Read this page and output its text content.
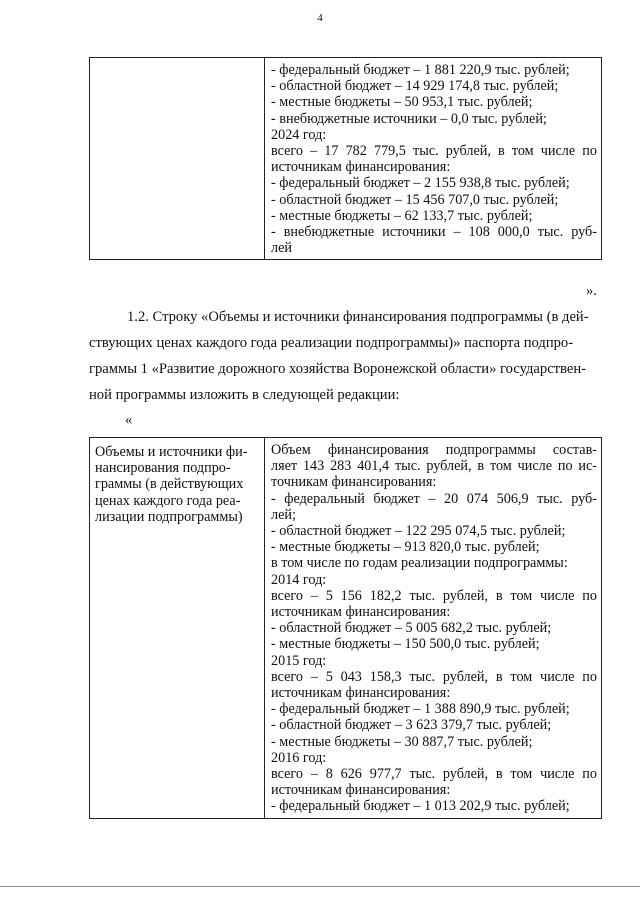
4

- федеральный бюджет – 1 881 220,9 тыс. рублей;
- областной бюджет – 14 929 174,8 тыс. рублей;
- местные бюджеты – 50 953,1 тыс. рублей;
- внебюджетные источники – 0,0 тыс. рублей;
2024 год:
всего – 17 782 779,5 тыс. рублей, в том числе по
источникам финансирования:
- федеральный бюджет – 2 155 938,8 тыс. рублей;
- областной бюджет – 15 456 707,0 тыс. рублей;
- местные бюджеты – 62 133,7 тыс. рублей;
- внебюджетные источники – 108 000,0 тыс. руб-
лей
».
1.2. Строку «Объемы и источники финансирования подпрограммы (в дей-
ствующих ценах каждого года реализации подпрограммы)» паспорта подпро-
граммы 1 «Развитие дорожного хозяйства Воронежской области» государствен-
ной программы изложить в следующей редакции:
«
Объемы и источники фи-
нансирования подпро-
граммы (в действующих
ценах каждого года реа-
лизации подпрограммы)

Объем финансирования подпрограммы состав-
ляет 143 283 401,4 тыс. рублей, в том числе по ис-
точникам финансирования:
- федеральный бюджет – 20 074 506,9 тыс. руб-
лей;
- областной бюджет – 122 295 074,5 тыс. рублей;
- местные бюджеты – 913 820,0 тыс. рублей;
в том числе по годам реализации подпрограммы:
2014 год:
всего – 5 156 182,2 тыс. рублей, в том числе по
источникам финансирования:
- областной бюджет – 5 005 682,2 тыс. рублей;
- местные бюджеты – 150 500,0 тыс. рублей;
2015 год:
всего – 5 043 158,3 тыс. рублей, в том числе по
источникам финансирования:
- федеральный бюджет – 1 388 890,9 тыс. рублей;
- областной бюджет – 3 623 379,7 тыс. рублей;
- местные бюджеты – 30 887,7 тыс. рублей;
2016 год:
всего – 8 626 977,7 тыс. рублей, в том числе по
источникам финансирования:
- федеральный бюджет – 1 013 202,9 тыс. рублей;
